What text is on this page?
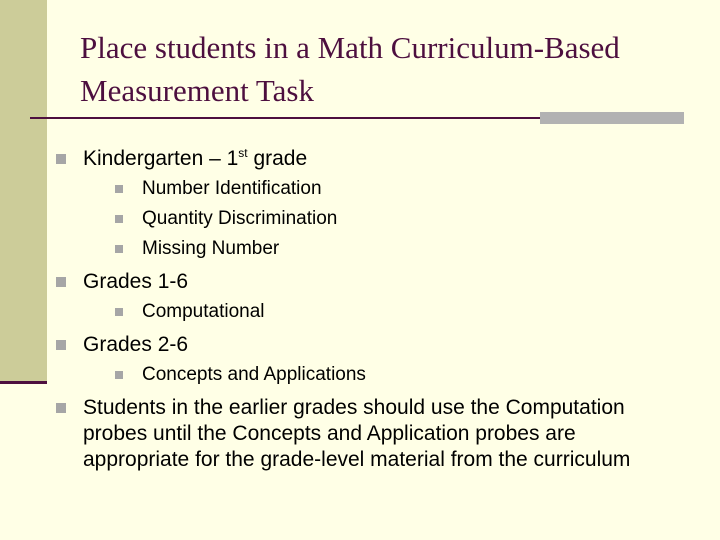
Place students in a Math Curriculum-Based Measurement Task
Kindergarten – 1st grade
Number Identification
Quantity Discrimination
Missing Number
Grades 1-6
Computational
Grades 2-6
Concepts and Applications
Students in the earlier grades should use the Computation probes until the Concepts and Application probes are appropriate for the grade-level material from the curriculum
